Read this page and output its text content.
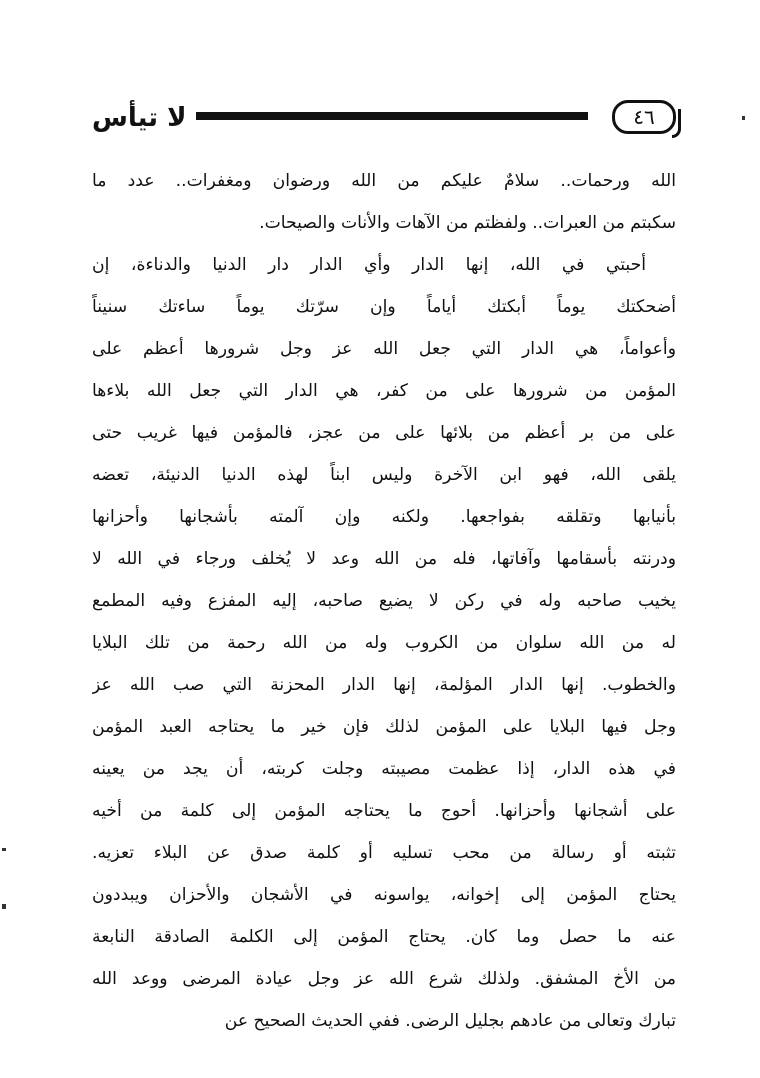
لا تيأس	٤٦
الله ورحمات.. سلامٌ عليكم من الله ورضوان ومغفرات.. عدد ما
سكبتم من العبرات.. ولفظتم من الآهات والأنات والصيحات.
أحبتي في الله، إنها الدار وأي الدار دار الدنيا والدناءة، إن
أضحكتك يوماً أبكتك أياماً وإن سرّتك يوماً ساءتك سنيناً
وأعواماً، هي الدار التي جعل الله عز وجل شرورها أعظم على
المؤمن من شرورها على من كفر، هي الدار التي جعل الله بلاءها
على من بر أعظم من بلائها على من عجز، فالمؤمن فيها غريب حتى
يلقى الله، فهو ابن الآخرة وليس ابناً لهذه الدنيا الدنيئة، تعضه
بأنيابها وتقلقه بفواجعها. ولكنه وإن آلمته بأشجانها وأحزانها
ودرنته بأسقامها وآفاتها، فله من الله وعد لا يُخلف ورجاء في الله لا
يخيب صاحبه وله في ركن لا يضيع صاحبه، إليه المفزع وفيه المطمع
له من الله سلوان من الكروب وله من الله رحمة من تلك البلايا
والخطوب. إنها الدار المؤلمة، إنها الدار المحزنة التي صب الله عز
وجل فيها البلايا على المؤمن لذلك فإن خير ما يحتاجه العبد المؤمن
في هذه الدار، إذا عظمت مصيبته وجلت كربته، أن يجد من يعينه
على أشجانها وأحزانها. أحوج ما يحتاجه المؤمن إلى كلمة من أخيه
تثبته أو رسالة من محب تسليه أو كلمة صدق عن البلاء تعزيه.
يحتاج المؤمن إلى إخوانه، يواسونه في الأشجان والأحزان ويبددون
عنه ما حصل وما كان. يحتاج المؤمن إلى الكلمة الصادقة النابعة
من الأخ المشفق. ولذلك شرع الله عز وجل عيادة المرضى ووعد الله
تبارك وتعالى من عادهم بجليل الرضى. ففي الحديث الصحيح عن
